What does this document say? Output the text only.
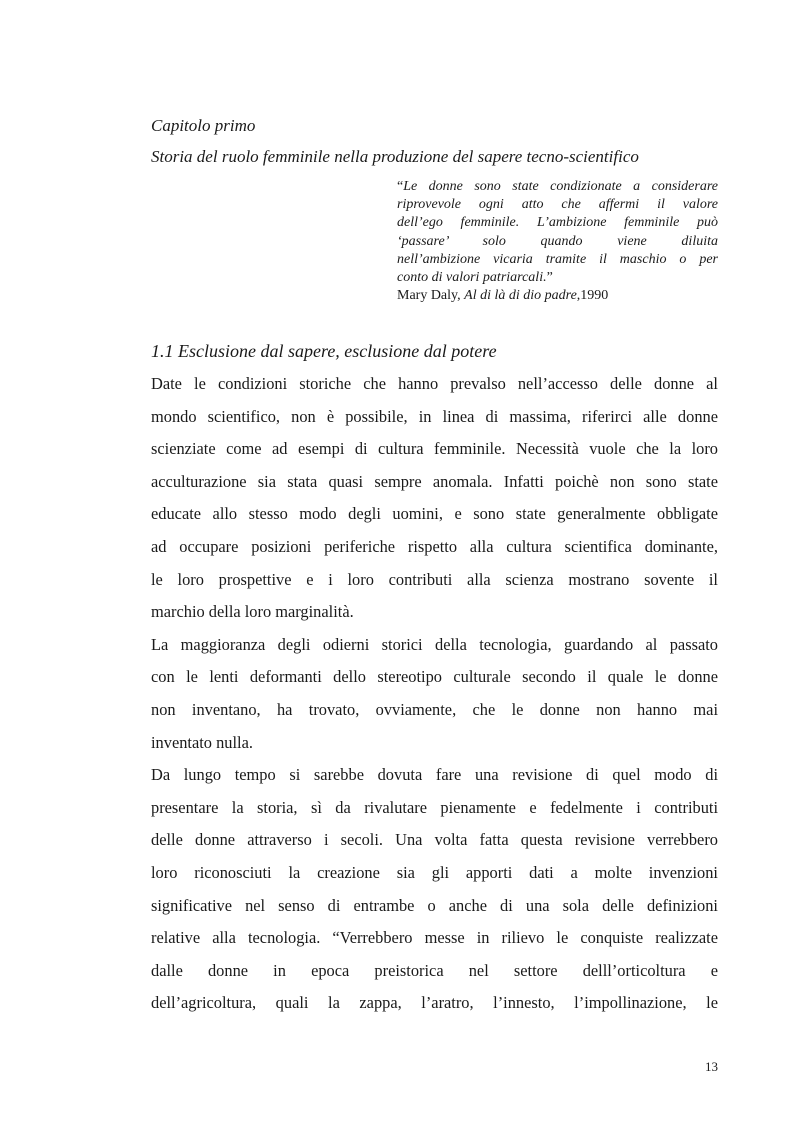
Capitolo primo

Storia del ruolo femminile nella produzione del sapere tecno-scientifico
“Le donne sono state condizionate a considerare
riprovevole ogni atto che affermi il valore
dell’ego femminile. L’ambizione femminile può
‘passare’ solo quando viene diluita
nell’ambizione vicaria tramite il maschio o per
conto di valori patriarcali.”
Mary Daly, Al di là di dio padre,1990
1.1 Esclusione dal sapere, esclusione dal potere
Date le condizioni storiche che hanno prevalso nell’accesso delle donne al
mondo scientifico, non è possibile, in linea di massima, riferirci alle donne
scienziate come ad esempi di cultura femminile. Necessità vuole che la loro
acculturazione sia stata quasi sempre anomala. Infatti poichè non sono state
educate allo stesso modo degli uomini, e sono state generalmente obbligate
ad occupare posizioni periferiche rispetto alla cultura scientifica dominante,
le loro prospettive e i loro contributi alla scienza mostrano sovente il
marchio della loro marginalità.
La maggioranza degli odierni storici della tecnologia, guardando al passato
con le lenti deformanti dello stereotipo culturale secondo il quale le donne
non inventano, ha trovato, ovviamente, che le donne non hanno mai
inventato nulla.
Da lungo tempo si sarebbe dovuta fare una revisione di quel modo di
presentare la storia, sì da rivalutare pienamente e fedelmente i contributi
delle donne attraverso i secoli. Una volta fatta questa revisione verrebbero
loro riconosciuti la creazione sia gli apporti dati a molte invenzioni
significative nel senso di entrambe o anche di una sola delle definizioni
relative alla tecnologia. “Verrebbero messe in rilievo le conquiste realizzate
dalle donne in epoca preistorica nel settore delll’orticoltura e
dell’agricoltura, quali la zappa, l’aratro, l’innesto, l’impollinazione, le
13
